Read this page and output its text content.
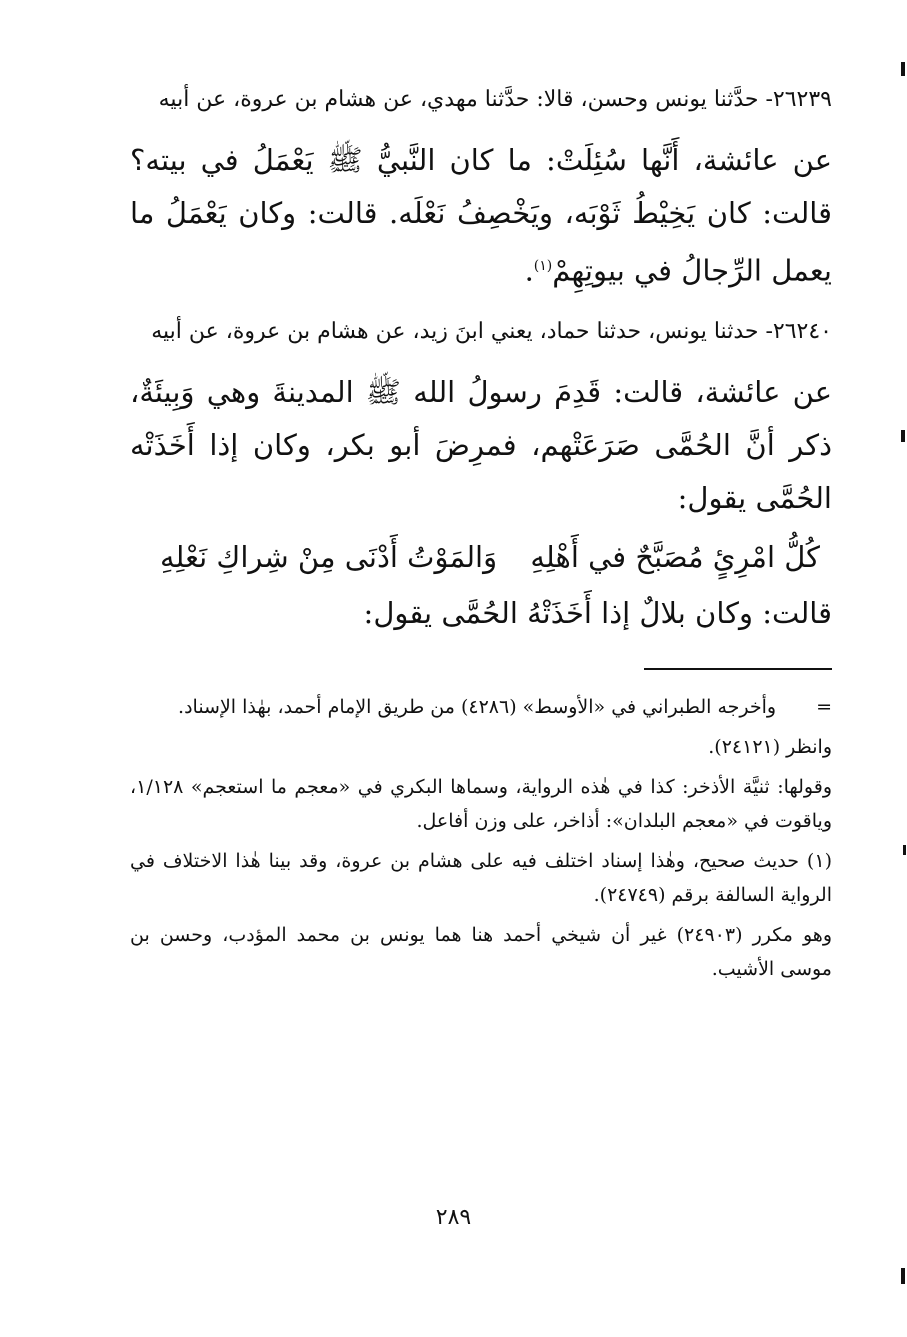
٢٦٢٣٩- حدَّثنا يونس وحسن، قالا: حدَّثنا مهدي، عن هشام بن عروة، عن أبيه

عن عائشة، أَنَّها سُئِلَتْ: ما كان النَّبيُّ ﷺ يَعْمَلُ في بيته؟ قالت: كان يَخِيْطُ ثَوْبَه، ويَخْصِفُ نَعْلَه. قالت: وكان يَعْمَلُ ما يعمل الرِّجالُ في بيوتِهِمْ$^{(١)}$.

٢٦٢٤٠- حدثنا يونس، حدثنا حماد، يعني ابنَ زيد، عن هشام بن عروة، عن أبيه

عن عائشة، قالت: قَدِمَ رسولُ الله ﷺ المدينةَ وهي وَبِيئَةٌ، ذكر أنَّ الحُمَّى صَرَعَتْهم، فمرِضَ أبو بكر، وكان إذا أَخَذَتْه الحُمَّى يقول:

كُلُّ امْرِئٍ مُصَبَّحٌ في أَهْلِهِ
وَالمَوْتُ أَدْنَى مِنْ شِراكِ نَعْلِهِ

قالت: وكان بلالٌ إذا أَخَذَتْهُ الحُمَّى يقول:

=وأخرجه الطبراني في «الأوسط» (٤٢٨٦) من طريق الإمام أحمد، بهٰذا الإسناد.

وانظر (٢٤١٢١).

وقولها: ثنيَّة الأذخر: كذا في هٰذه الرواية، وسماها البكري في «معجم ما استعجم» ١/١٢٨، وياقوت في «معجم البلدان»: أذاخر، على وزن أفاعل.

(١) حديث صحيح، وهٰذا إسناد اختلف فيه على هشام بن عروة، وقد بينا هٰذا الاختلاف في الرواية السالفة برقم (٢٤٧٤٩).

وهو مكرر (٢٤٩٠٣) غير أن شيخي أحمد هنا هما يونس بن محمد المؤدب، وحسن بن موسى الأشيب.

٢٨٩
